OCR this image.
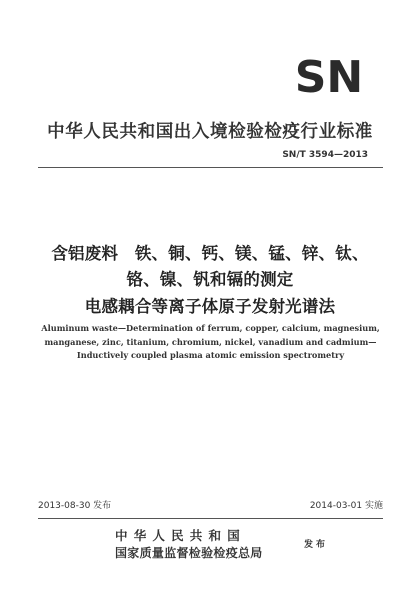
SN
中华人民共和国出入境检验检疫行业标准
SN/T 3594—2013
含铝废料　铁、铜、钙、镁、锰、锌、钛、
铬、镍、钒和镉的测定
电感耦合等离子体原子发射光谱法
Aluminum waste—Determination of ferrum, copper, calcium, magnesium, manganese, zinc, titanium, chromium, nickel, vanadium and cadmium—Inductively coupled plasma atomic emission spectrometry
2013-08-30 发布	2014-03-01 实施
中华人民共和国
国家质量监督检验检疫总局
发布
